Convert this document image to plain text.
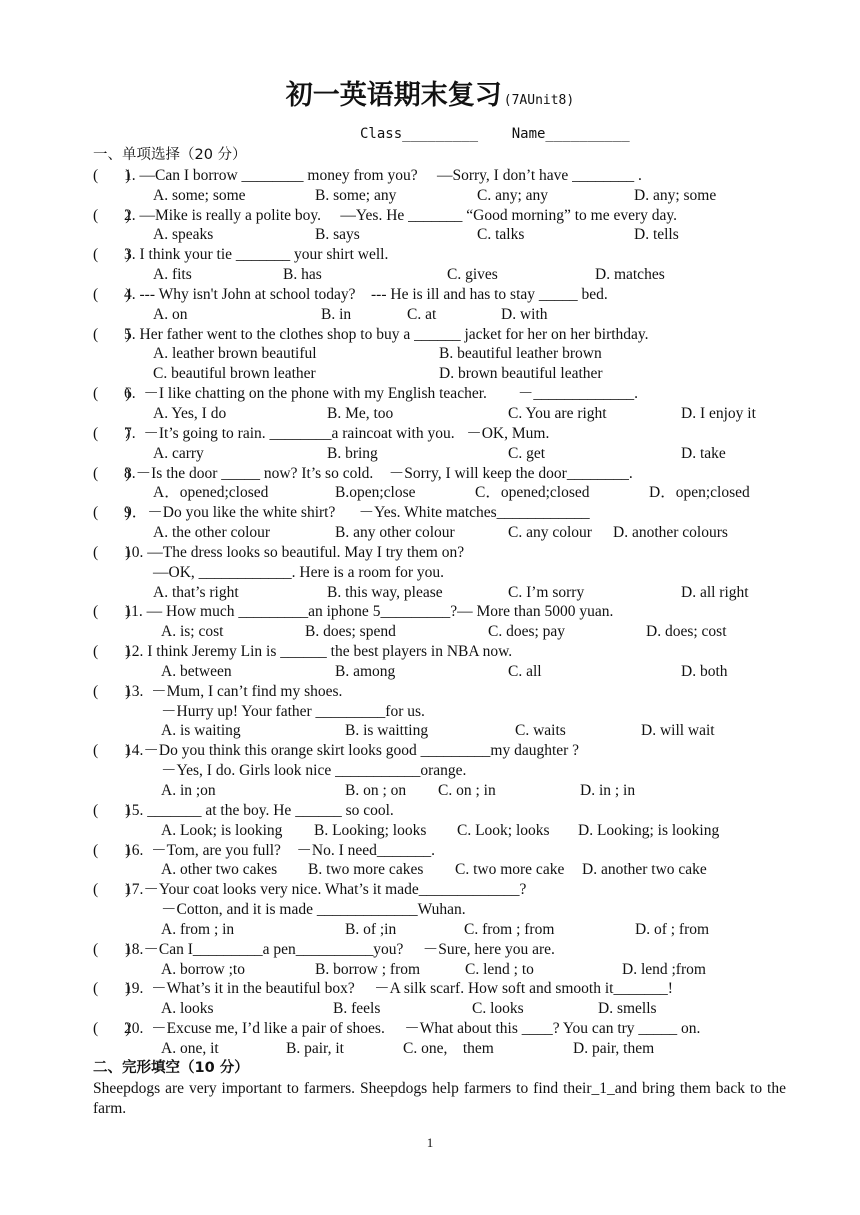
初一英语期末复习 (7AUnit8)
Class_________    Name__________
一、单项选择（20 分）
(       )
1. —Can I borrow ________ money from you?     —Sorry, I don’t have ________ .
A. some; some	B. some; any	C. any; any	D. any; some
(       )
2. —Mike is really a polite boy.     —Yes. He _______ “Good morning” to me every day.
A. speaks	B. says	C. talks	D. tells
(       )
3. I think your tie _______ your shirt well.
A. fits	B. has	C. gives	D. matches
(       )
4. --- Why isn't John at school today?    --- He is ill and has to stay _____ bed.
A. on	B. in	C. at	D. with
(       )
5. Her father went to the clothes shop to buy a ______ jacket for her on her birthday.
A. leather brown beautiful	B. beautiful leather brown
C. beautiful brown leather	D. brown beautiful leather
(       )
6.  －I like chatting on the phone with my English teacher.        －_____________.
A. Yes, I do	B. Me, too	C. You are right	D. I enjoy it
(       )
7.  －It’s going to rain. ________a raincoat with you.   －OK, Mum.
A. carry	B. bring	C. get	D. take
(       )
8.－Is the door _____ now? It’s so cold.    －Sorry, I will keep the door________.
A．opened;closed	B.open;close	C．opened;closed	D．open;closed
(       )
9．－Do you like the white shirt?      －Yes. White matches____________
A. the other colour	B. any other colour	C. any colour D. another colours
(       )
10. —The dress looks so beautiful. May I try them on?
—OK, ____________. Here is a room for you.
A. that’s right	B. this way, please	C. I’m sorry	D. all right
(       )
11. — How much _________an iphone 5_________?— More than 5000 yuan.
A. is; cost	B. does; spend	C. does; pay	D. does; cost
(       )
12. I think Jeremy Lin is ______ the best players in NBA now.
A. between	B. among	C. all	D. both
(       )
13.  －Mum, I can’t find my shoes.
－Hurry up! Your father _________for us.
A. is waiting	B. is waitting	C. waits	D. will wait
(       )
14.－Do you think this orange skirt looks good _________my daughter ?
－Yes, I do. Girls look nice ___________orange.
A. in ;on	B. on ; on C. on ; in	D. in ; in
(       )
15. _______ at the boy. He ______ so cool.
A. Look; is looking B. Looking; looks C. Look; looks D. Looking; is looking
(       )
16.  －Tom, are you full?    －No. I need_______.
A. other two cakes B. two more cakes C. two more cake D. another two cake
(       )
17.－Your coat looks very nice. What’s it made_____________?
－Cotton, and it is made _____________Wuhan.
A. from ; in	B. of ;in	C. from ; from	D. of ; from
(       )
18.－Can I_________a pen__________you?     －Sure, here you are.
A. borrow ;to	B. borrow ; from	C. lend ; to	D. lend ;from
(       )
19.  －What’s it in the beautiful box?     －A silk scarf. How soft and smooth it_______!
A. looks	B. feels	C. looks	D. smells
(       )
20.  －Excuse me, I’d like a pair of shoes.     －What about this ____? You can try _____ on.
A. one, it	B. pair, it	C. one,    them	D. pair, them
二、完形填空（10 分）
Sheepdogs are very important to farmers. Sheepdogs help farmers to find their_1_and bring them back to the farm.
1
